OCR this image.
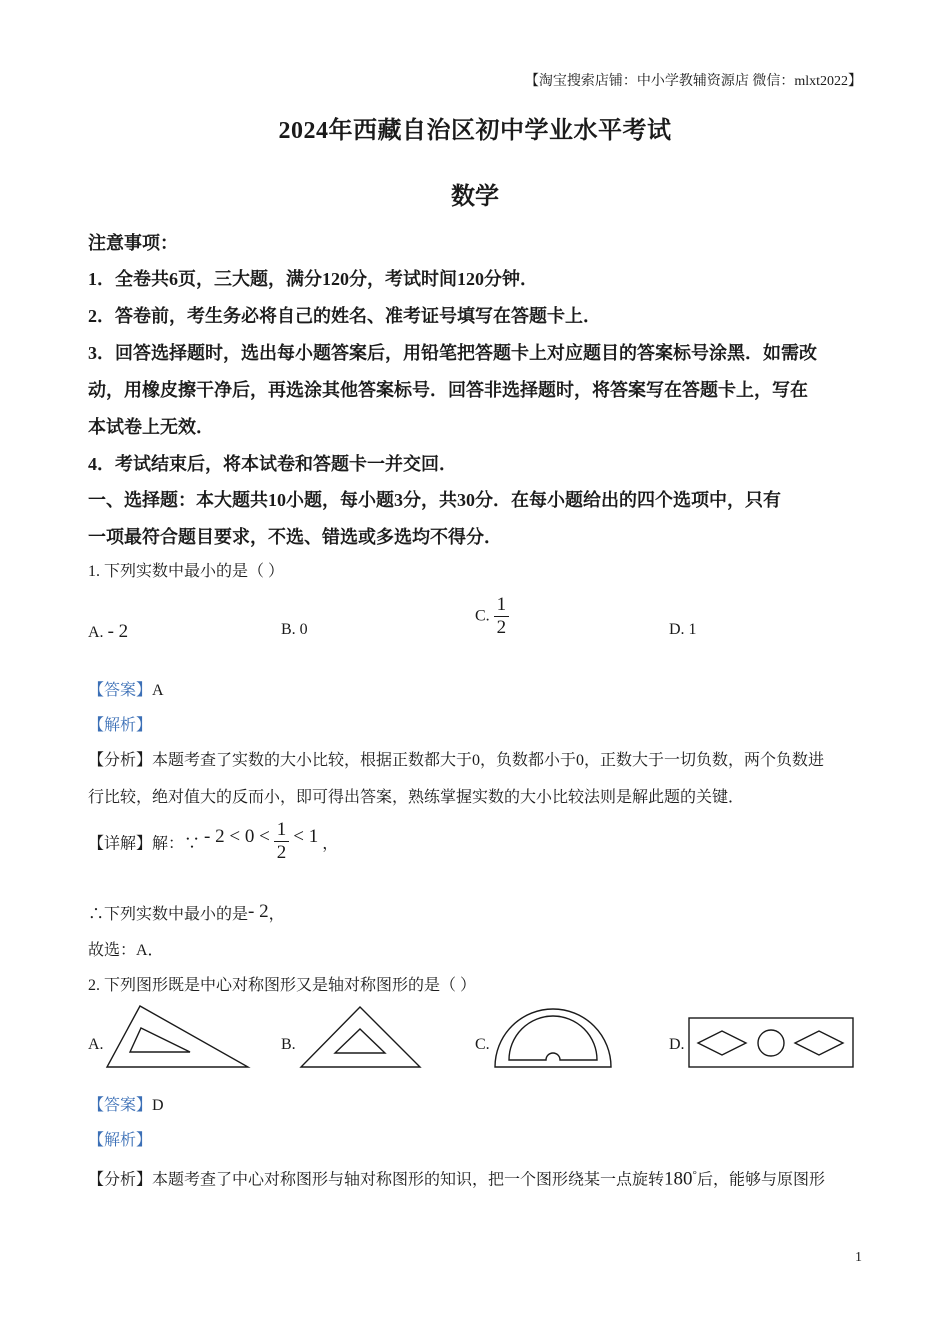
【淘宝搜索店铺：中小学教辅资源店 微信：mlxt2022】
2024年西藏自治区初中学业水平考试
数学
注意事项：
1．全卷共6页，三大题，满分120分，考试时间120分钟．
2．答卷前，考生务必将自己的姓名、准考证号填写在答题卡上．
3．回答选择题时，选出每小题答案后，用铅笔把答题卡上对应题目的答案标号涂黑．如需改
动，用橡皮擦干净后，再选涂其他答案标号．回答非选择题时，将答案写在答题卡上，写在
本试卷上无效．
4．考试结束后，将本试卷和答题卡一并交回．
一、选择题：本大题共10小题，每小题3分，共30分．在每小题给出的四个选项中，只有
一项最符合题目要求，不选、错选或多选均不得分．
1. 下列实数中最小的是（ ）
A. - 2	B. 0
C. $\frac{1}{2}$	D. 1
【答案】A
【解析】
【分析】本题考查了实数的大小比较，根据正数都大于0，负数都小于0，正数大于一切负数，两个负数进
行比较，绝对值大的反而小，即可得出答案，熟练掌握实数的大小比较法则是解此题的关键．
【详解】解：∵ - $2 < 0 < \frac{1}{2} < 1$ ，
∴下列实数中最小的是- 2，
故选：A．
2. 下列图形既是中心对称图形又是轴对称图形的是（ ）
A.	B.	C.	D.
【答案】D
【解析】
【分析】本题考查了中心对称图形与轴对称图形的知识，把一个图形绕某一点旋转180°后，能够与原图形
1
